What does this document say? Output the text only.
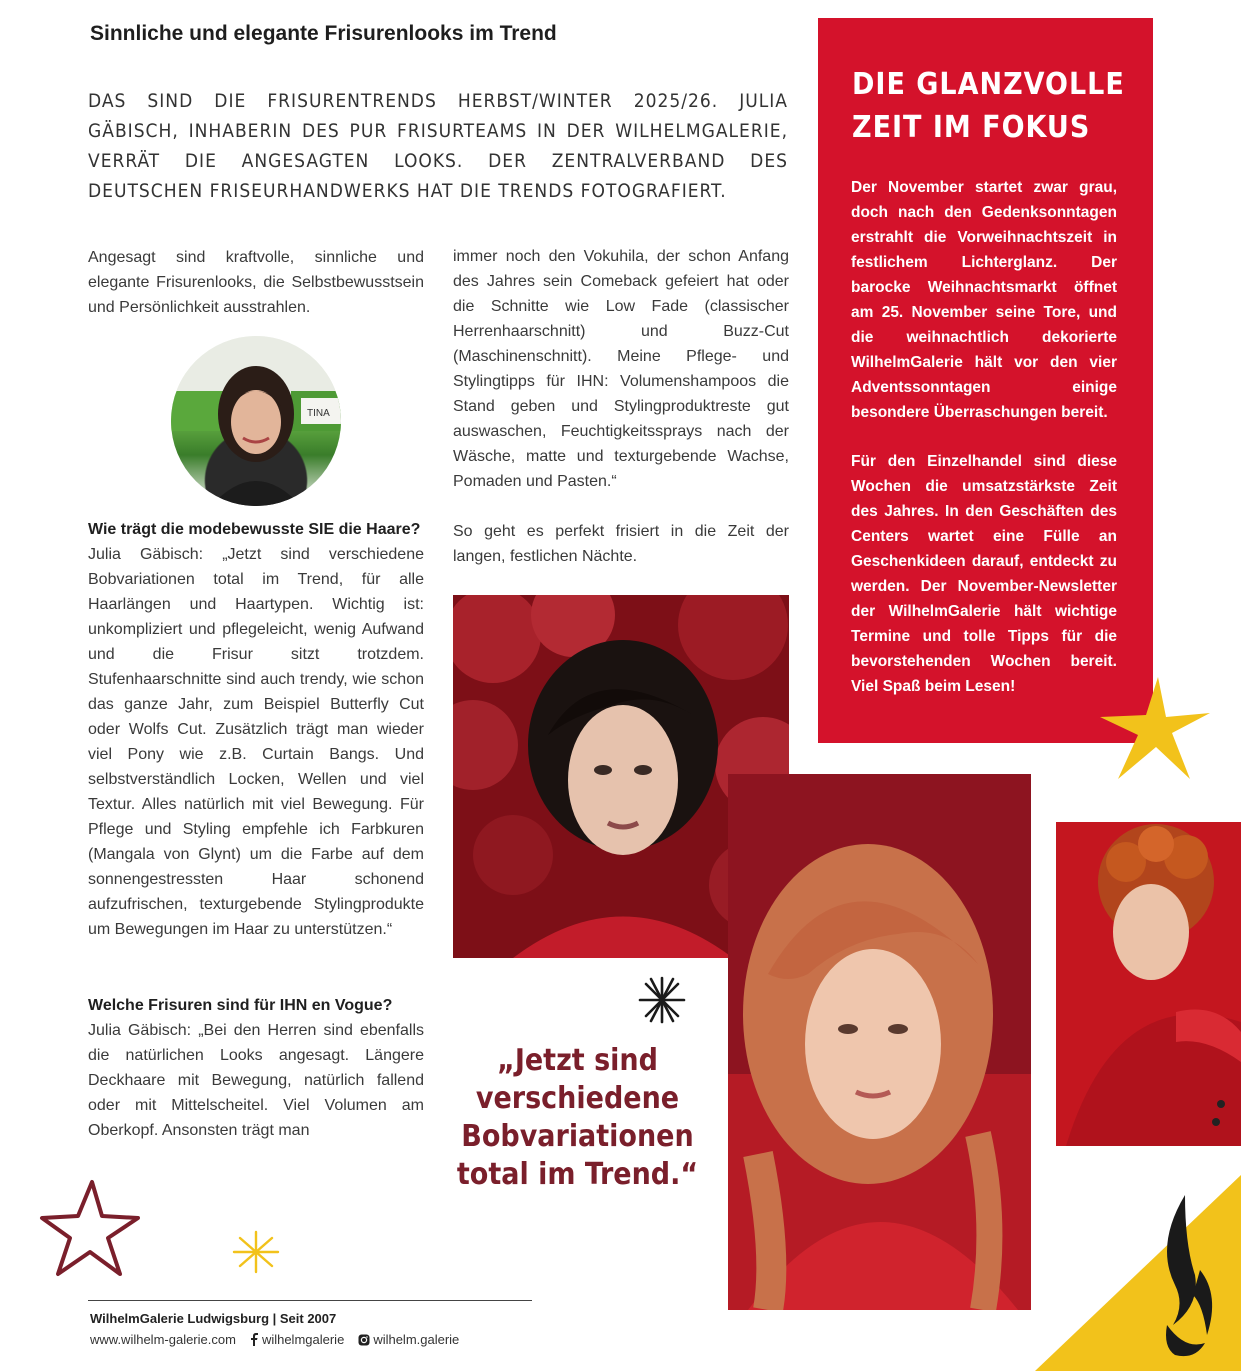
Sinnliche und elegante Frisurenlooks im Trend
DAS SIND DIE FRISURENTRENDS HERBST/WINTER 2025/26. JULIA GÄBISCH, INHABERIN DES PUR FRISURTEAMS IN DER WILHELMGALERIE, VERRÄT DIE ANGESAGTEN LOOKS. DER ZENTRALVERBAND DES DEUTSCHEN FRISEURHANDWERKS HAT DIE TRENDS FOTOGRAFIERT.

Angesagt sind kraftvolle, sinnliche und elegante Frisurenlooks, die Selbstbewusstsein und Persönlichkeit ausstrahlen.

TINA

Wie trägt die modebewusste SIE die Haare?

Julia Gäbisch: „Jetzt sind verschiedene Bobvariationen total im Trend, für alle Haarlängen und Haartypen. Wichtig ist: unkompliziert und pflegeleicht, wenig Aufwand und die Frisur sitzt trotzdem. Stufenhaarschnitte sind auch trendy, wie schon das ganze Jahr, zum Beispiel Butterfly Cut oder Wolfs Cut. Zusätzlich trägt man wieder viel Pony wie z.B. Curtain Bangs. Und selbstverständlich Locken, Wellen und viel Textur. Alles natürlich mit viel Bewegung. Für Pflege und Styling empfehle ich Farbkuren (Mangala von Glynt) um die Farbe auf dem sonnengestressten Haar schonend aufzufrischen, texturgebende Stylingprodukte um Bewegungen im Haar zu unterstützen.“

Welche Frisuren sind für IHN en Vogue?

Julia Gäbisch: „Bei den Herren sind ebenfalls die natürlichen Looks angesagt. Längere Deckhaare mit Bewegung, natürlich fallend oder mit Mittelscheitel. Viel Volumen am Oberkopf. Ansonsten trägt man

immer noch den Vokuhila, der schon Anfang des Jahres sein Comeback gefeiert hat oder die Schnitte wie Low Fade (classischer Herrenhaarschnitt) und Buzz-Cut (Maschinenschnitt). Meine Pflege- und Stylingtipps für IHN: Volumenshampoos die Stand geben und Stylingproduktreste gut auswaschen, Feuchtigkeitssprays nach der Wäsche, matte und texturgebende Wachse, Pomaden und Pasten.“

So geht es perfekt frisiert in die Zeit der langen, festlichen Nächte.

„Jetzt sind verschiedene Bobvariationen total im Trend.“
DIE GLANZVOLLE ZEIT IM FOKUS
Der November startet zwar grau, doch nach den Gedenksonntagen erstrahlt die Vorweihnachtszeit in festlichem Lichterglanz. Der barocke Weihnachtsmarkt öffnet am 25. November seine Tore, und die weihnachtlich dekorierte WilhelmGalerie hält vor den vier Adventssonntagen einige besondere Überraschungen bereit.
Für den Einzelhandel sind diese Wochen die umsatzstärkste Zeit des Jahres. In den Geschäften des Centers wartet eine Fülle an Geschenkideen darauf, entdeckt zu werden. Der November-Newsletter der WilhelmGalerie hält wichtige Termine und tolle Tipps für die bevorstehenden Wochen bereit. Viel Spaß beim Lesen!
WilhelmGalerie Ludwigsburg | Seit 2007
www.wilhelm-galerie.com wilhelmgalerie wilhelm.galerie
